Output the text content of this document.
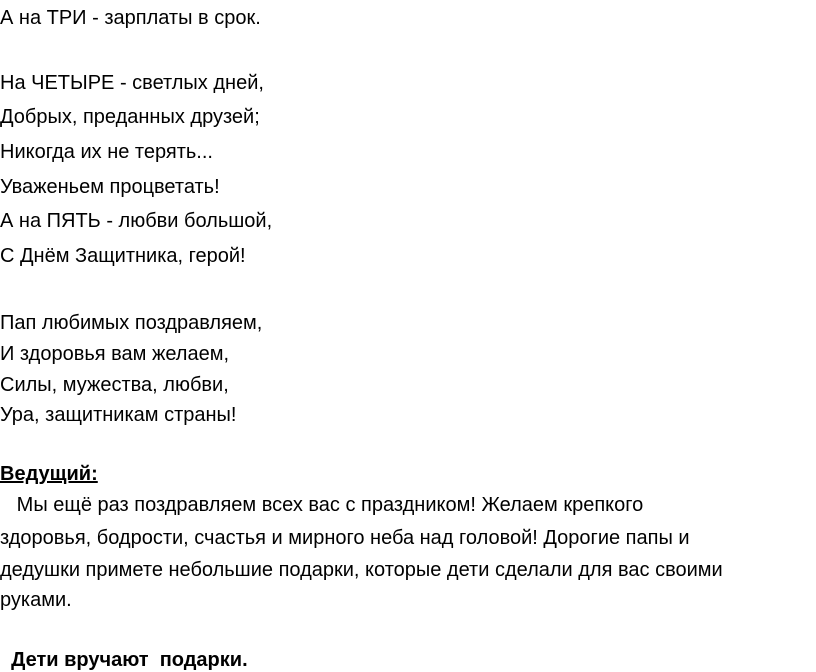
А на ТРИ - зарплаты в срок.
На ЧЕТЫРЕ - светлых дней,
Добрых, преданных друзей;
Никогда их не терять...
Уваженьем процветать!
А на ПЯТЬ - любви большой,
С Днём Защитника, герой!
Пап любимых поздравляем,
И здоровья вам желаем,
Силы, мужества, любви,
Ура, защитникам страны!
Ведущий:
Мы ещё раз поздравляем всех вас с праздником! Желаем крепкого
здоровья, бодрости, счастья и мирного неба над головой! Дорогие папы и
дедушки примете небольшие подарки, которые дети сделали для вас своими
руками.
Дети вручают  подарки.
